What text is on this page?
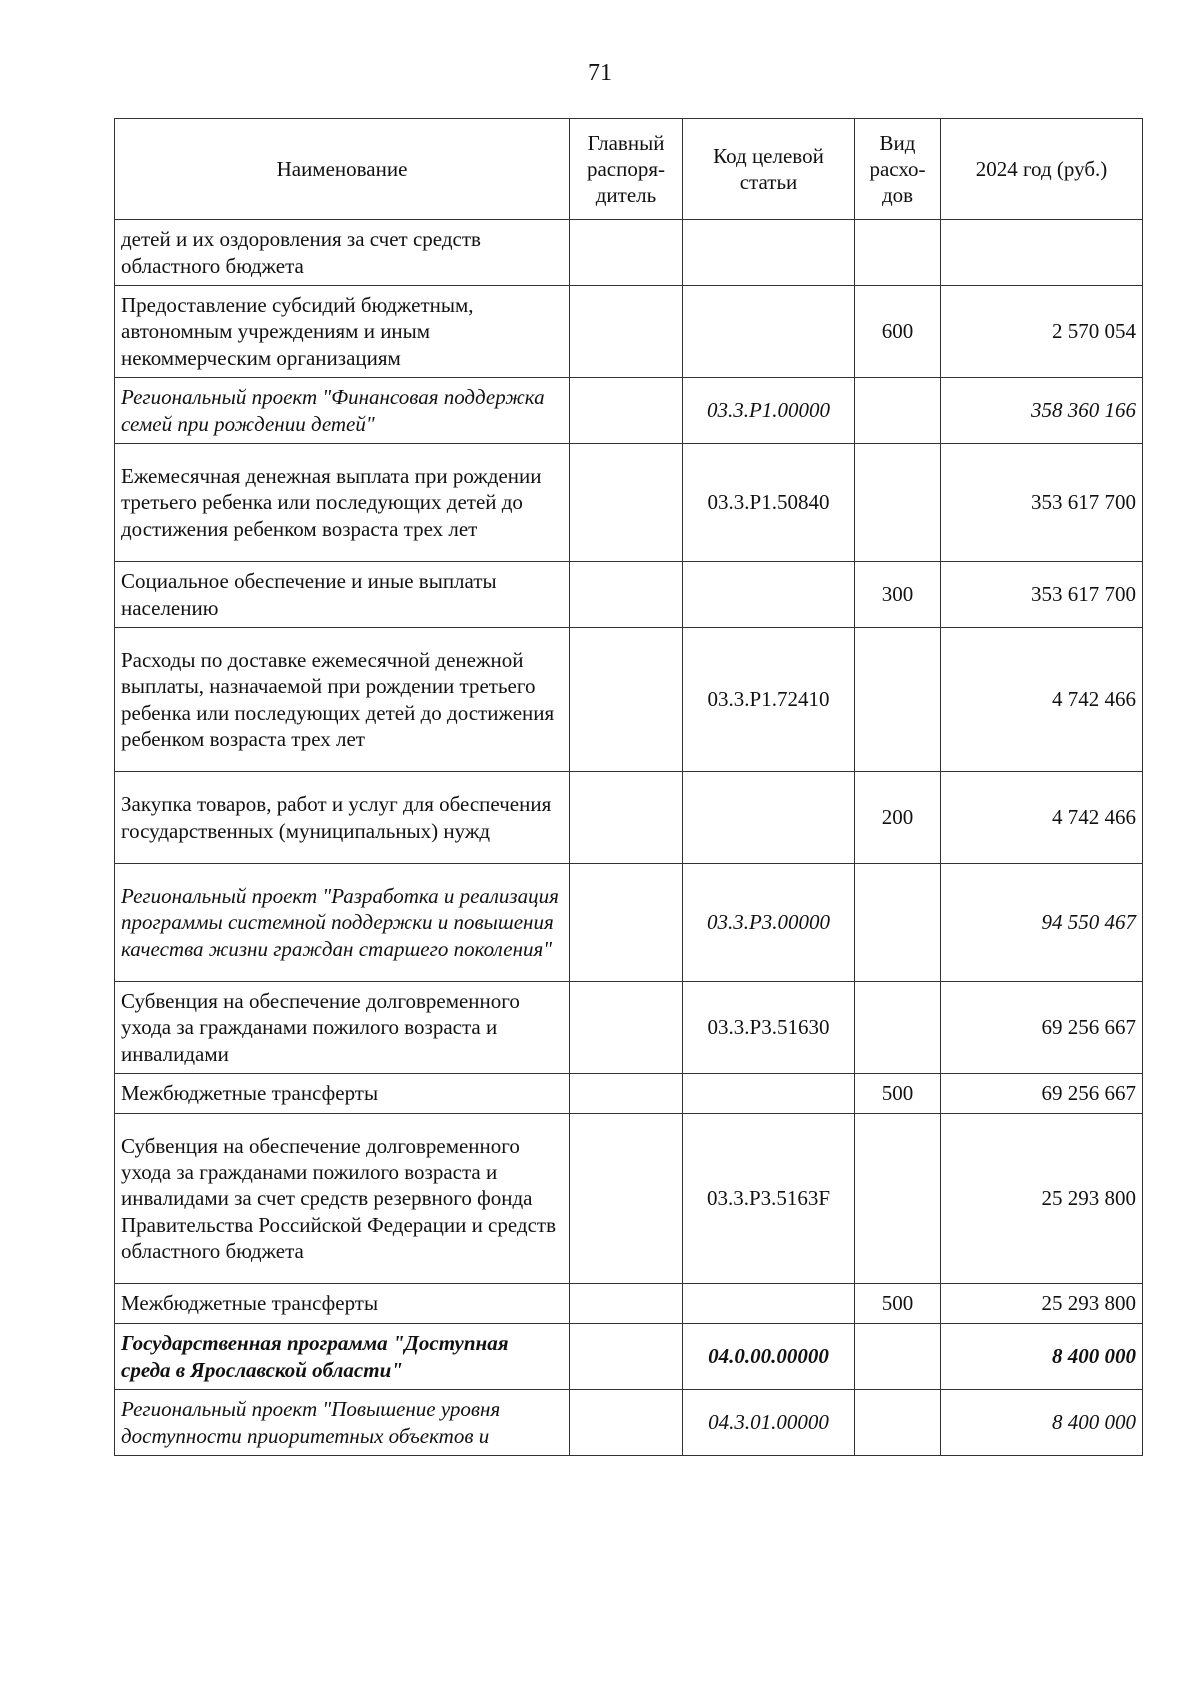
71
Наименование	Главный распоря-дитель	Код целевой статьи	Вид расхо-дов	2024 год (руб.)
детей и их оздоровления за счет средств областного бюджета				
Предоставление субсидий бюджетным, автономным учреждениям и иным некоммерческим организациям			600	2 570 054
Региональный проект "Финансовая поддержка семей при рождении детей"		03.3.Р1.00000		358 360 166
Ежемесячная денежная выплата при рождении третьего ребенка или последующих детей до достижения ребенком возраста трех лет		03.3.Р1.50840		353 617 700
Социальное обеспечение и иные выплаты населению			300	353 617 700
Расходы по доставке ежемесячной денежной выплаты, назначаемой при рождении третьего ребенка или последующих детей до достижения ребенком возраста трех лет		03.3.Р1.72410		4 742 466
Закупка товаров, работ и услуг для обеспечения государственных (муниципальных) нужд			200	4 742 466
Региональный проект "Разработка и реализация программы системной поддержки и повышения качества жизни граждан старшего поколения"		03.3.Р3.00000		94 550 467
Субвенция на обеспечение долговременного ухода за гражданами пожилого возраста и инвалидами		03.3.Р3.51630		69 256 667
Межбюджетные трансферты			500	69 256 667
Субвенция на обеспечение долговременного ухода за гражданами пожилого возраста и инвалидами за счет средств резервного фонда Правительства Российской Федерации и средств областного бюджета		03.3.Р3.5163F		25 293 800
Межбюджетные трансферты			500	25 293 800
Государственная программа "Доступная среда в Ярославской области"		04.0.00.00000		8 400 000
Региональный проект "Повышение уровня доступности приоритетных объектов и		04.3.01.00000		8 400 000
